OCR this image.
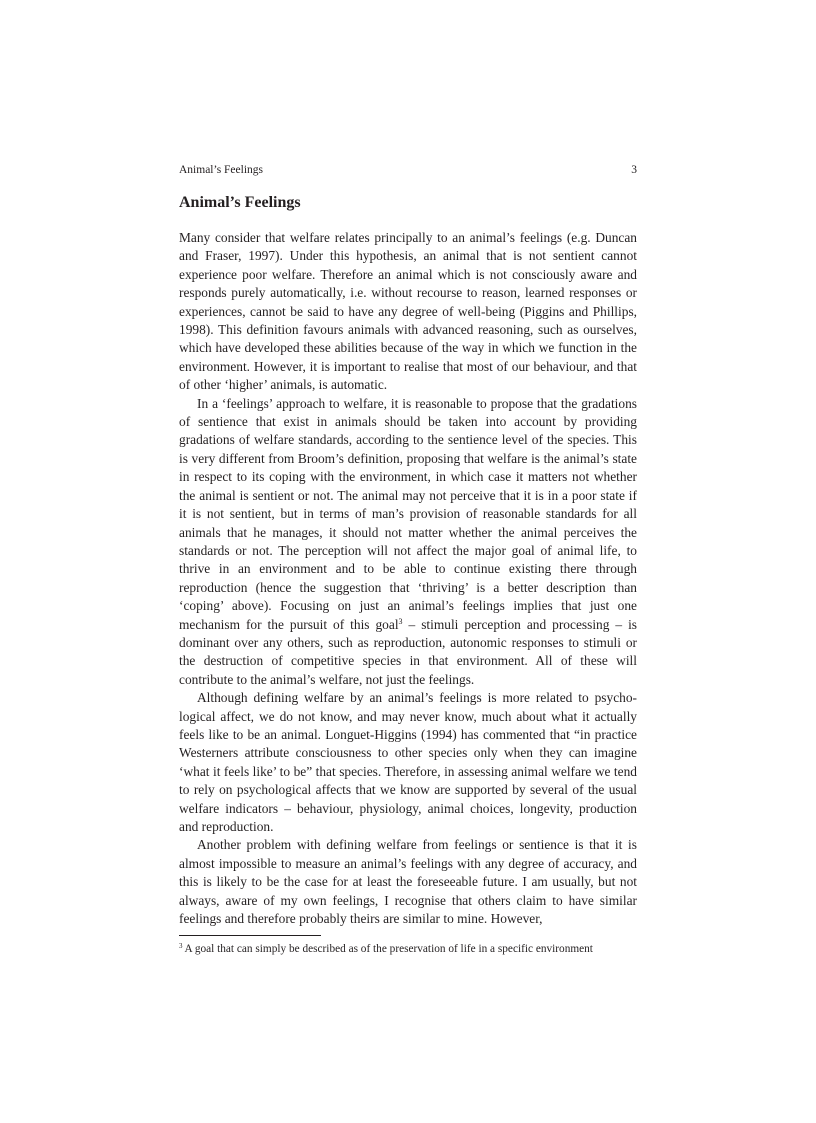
Animal’s Feelings	3
Animal’s Feelings

Many consider that welfare relates principally to an animal’s feelings (e.g. Duncan and Fraser, 1997). Under this hypothesis, an animal that is not sentient cannot experience poor welfare. Therefore an animal which is not consciously aware and responds purely automatically, i.e. without recourse to reason, learned responses or experiences, cannot be said to have any degree of well-being (Piggins and Phillips, 1998). This definition favours animals with advanced reasoning, such as ourselves, which have developed these abilities because of the way in which we function in the environment. However, it is important to realise that most of our behaviour, and that of other ‘higher’ animals, is automatic.

In a ‘feelings’ approach to welfare, it is reasonable to propose that the gradations of sentience that exist in animals should be taken into account by providing gradations of welfare standards, according to the sentience level of the species. This is very different from Broom’s definition, proposing that welfare is the animal’s state in respect to its coping with the environment, in which case it matters not whether the animal is sentient or not. The animal may not perceive that it is in a poor state if it is not sentient, but in terms of man’s provision of reasonable standards for all animals that he manages, it should not matter whether the animal perceives the standards or not. The perception will not affect the major goal of animal life, to thrive in an environment and to be able to continue existing there through reproduction (hence the suggestion that ‘thriving’ is a better description than ‘coping’ above). Focusing on just an animal’s feelings implies that just one mechanism for the pursuit of this goal$^3$ – stimuli perception and processing – is dominant over any others, such as reproduction, autonomic responses to stimuli or the destruction of competitive species in that environment. All of these will contribute to the animal’s welfare, not just the feelings.

Although defining welfare by an animal’s feelings is more related to psychological affect, we do not know, and may never know, much about what it actually feels like to be an animal. Longuet-Higgins (1994) has commented that “in practice Westerners attribute consciousness to other species only when they can imagine ‘what it feels like’ to be” that species. Therefore, in assessing animal welfare we tend to rely on psychological affects that we know are supported by several of the usual welfare indicators – behaviour, physiology, animal choices, longevity, production and reproduction.

Another problem with defining welfare from feelings or sentience is that it is almost impossible to measure an animal’s feelings with any degree of accuracy, and this is likely to be the case for at least the foreseeable future. I am usually, but not always, aware of my own feelings, I recognise that others claim to have similar feelings and therefore probably theirs are similar to mine. However,

$^3$ A goal that can simply be described as of the preservation of life in a specific environment
